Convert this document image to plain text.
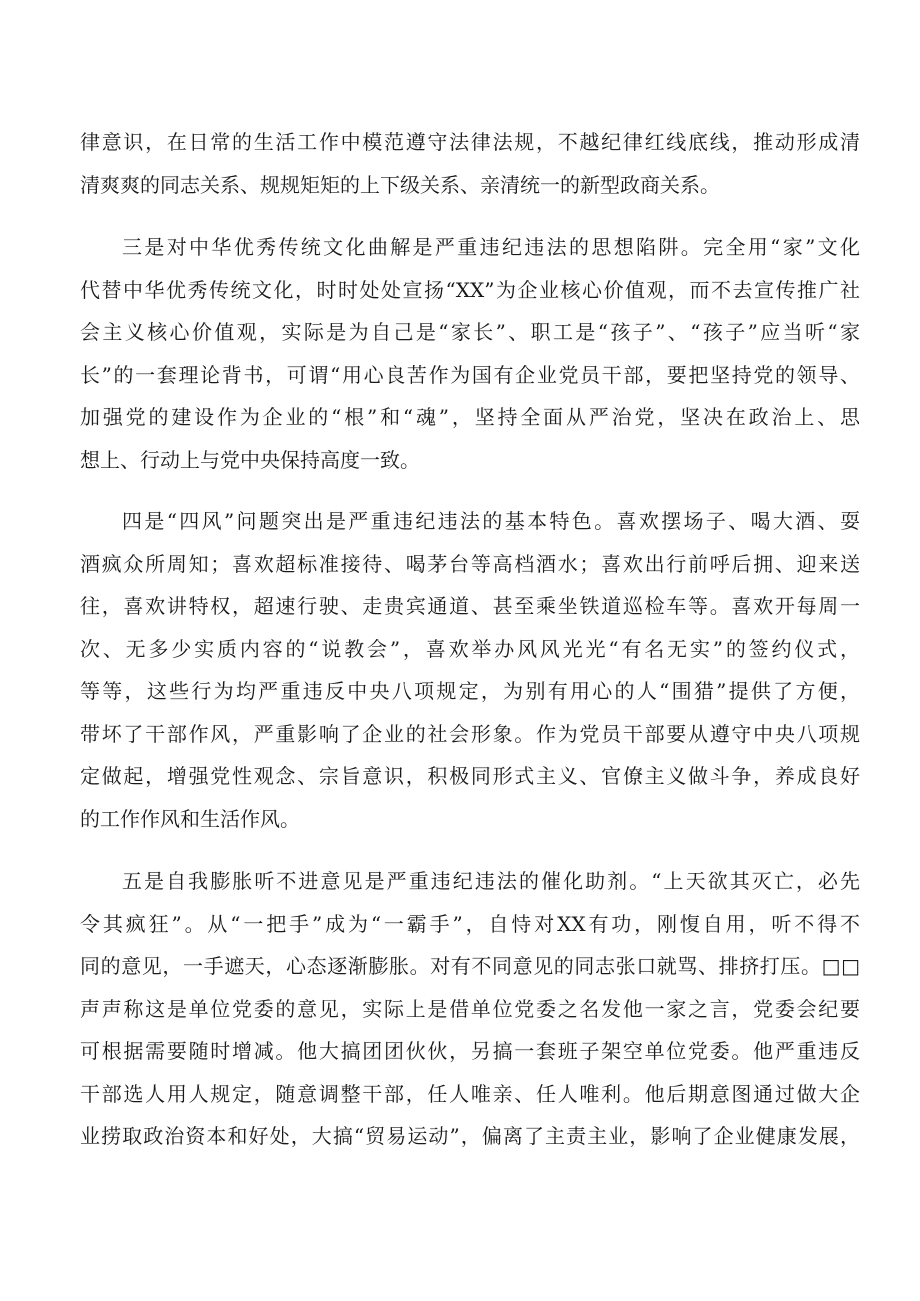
律意识，在日常的生活工作中模范遵守法律法规，不越纪律红线底线，推动形成清
清爽爽的同志关系、规规矩矩的上下级关系、亲清统一的新型政商关系。
三是对中华优秀传统文化曲解是严重违纪违法的思想陷阱。完全用“家”文化
代替中华优秀传统文化，时时处处宣扬“XX”为企业核心价值观，而不去宣传推广社
会主义核心价值观，实际是为自己是“家长”、职工是“孩子”、“孩子”应当听“家
长”的一套理论背书，可谓“用心良苦作为国有企业党员干部，要把坚持党的领导、
加强党的建设作为企业的“根”和“魂”，坚持全面从严治党，坚决在政治上、思
想上、行动上与党中央保持高度一致。
四是“四风”问题突出是严重违纪违法的基本特色。喜欢摆场子、喝大酒、耍
酒疯众所周知；喜欢超标准接待、喝茅台等高档酒水；喜欢出行前呼后拥、迎来送
往，喜欢讲特权，超速行驶、走贵宾通道、甚至乘坐铁道巡检车等。喜欢开每周一
次、无多少实质内容的“说教会”，喜欢举办风风光光“有名无实”的签约仪式，
等等，这些行为均严重违反中央八项规定，为别有用心的人“围猎”提供了方便，
带坏了干部作风，严重影响了企业的社会形象。作为党员干部要从遵守中央八项规
定做起，增强党性观念、宗旨意识，积极同形式主义、官僚主义做斗争，养成良好
的工作作风和生活作风。
五是自我膨胀听不进意见是严重违纪违法的催化助剂。“上天欲其灭亡，必先
令其疯狂”。从“一把手”成为“一霸手”，自恃对XX有功，刚愎自用，听不得不
同的意见，一手遮天，心态逐渐膨胀。对有不同意见的同志张口就骂、排挤打压。□□
声声称这是单位党委的意见，实际上是借单位党委之名发他一家之言，党委会纪要
可根据需要随时增减。他大搞团团伙伙，另搞一套班子架空单位党委。他严重违反
干部选人用人规定，随意调整干部，任人唯亲、任人唯利。他后期意图通过做大企
业捞取政治资本和好处，大搞“贸易运动”，偏离了主责主业，影响了企业健康发展，
